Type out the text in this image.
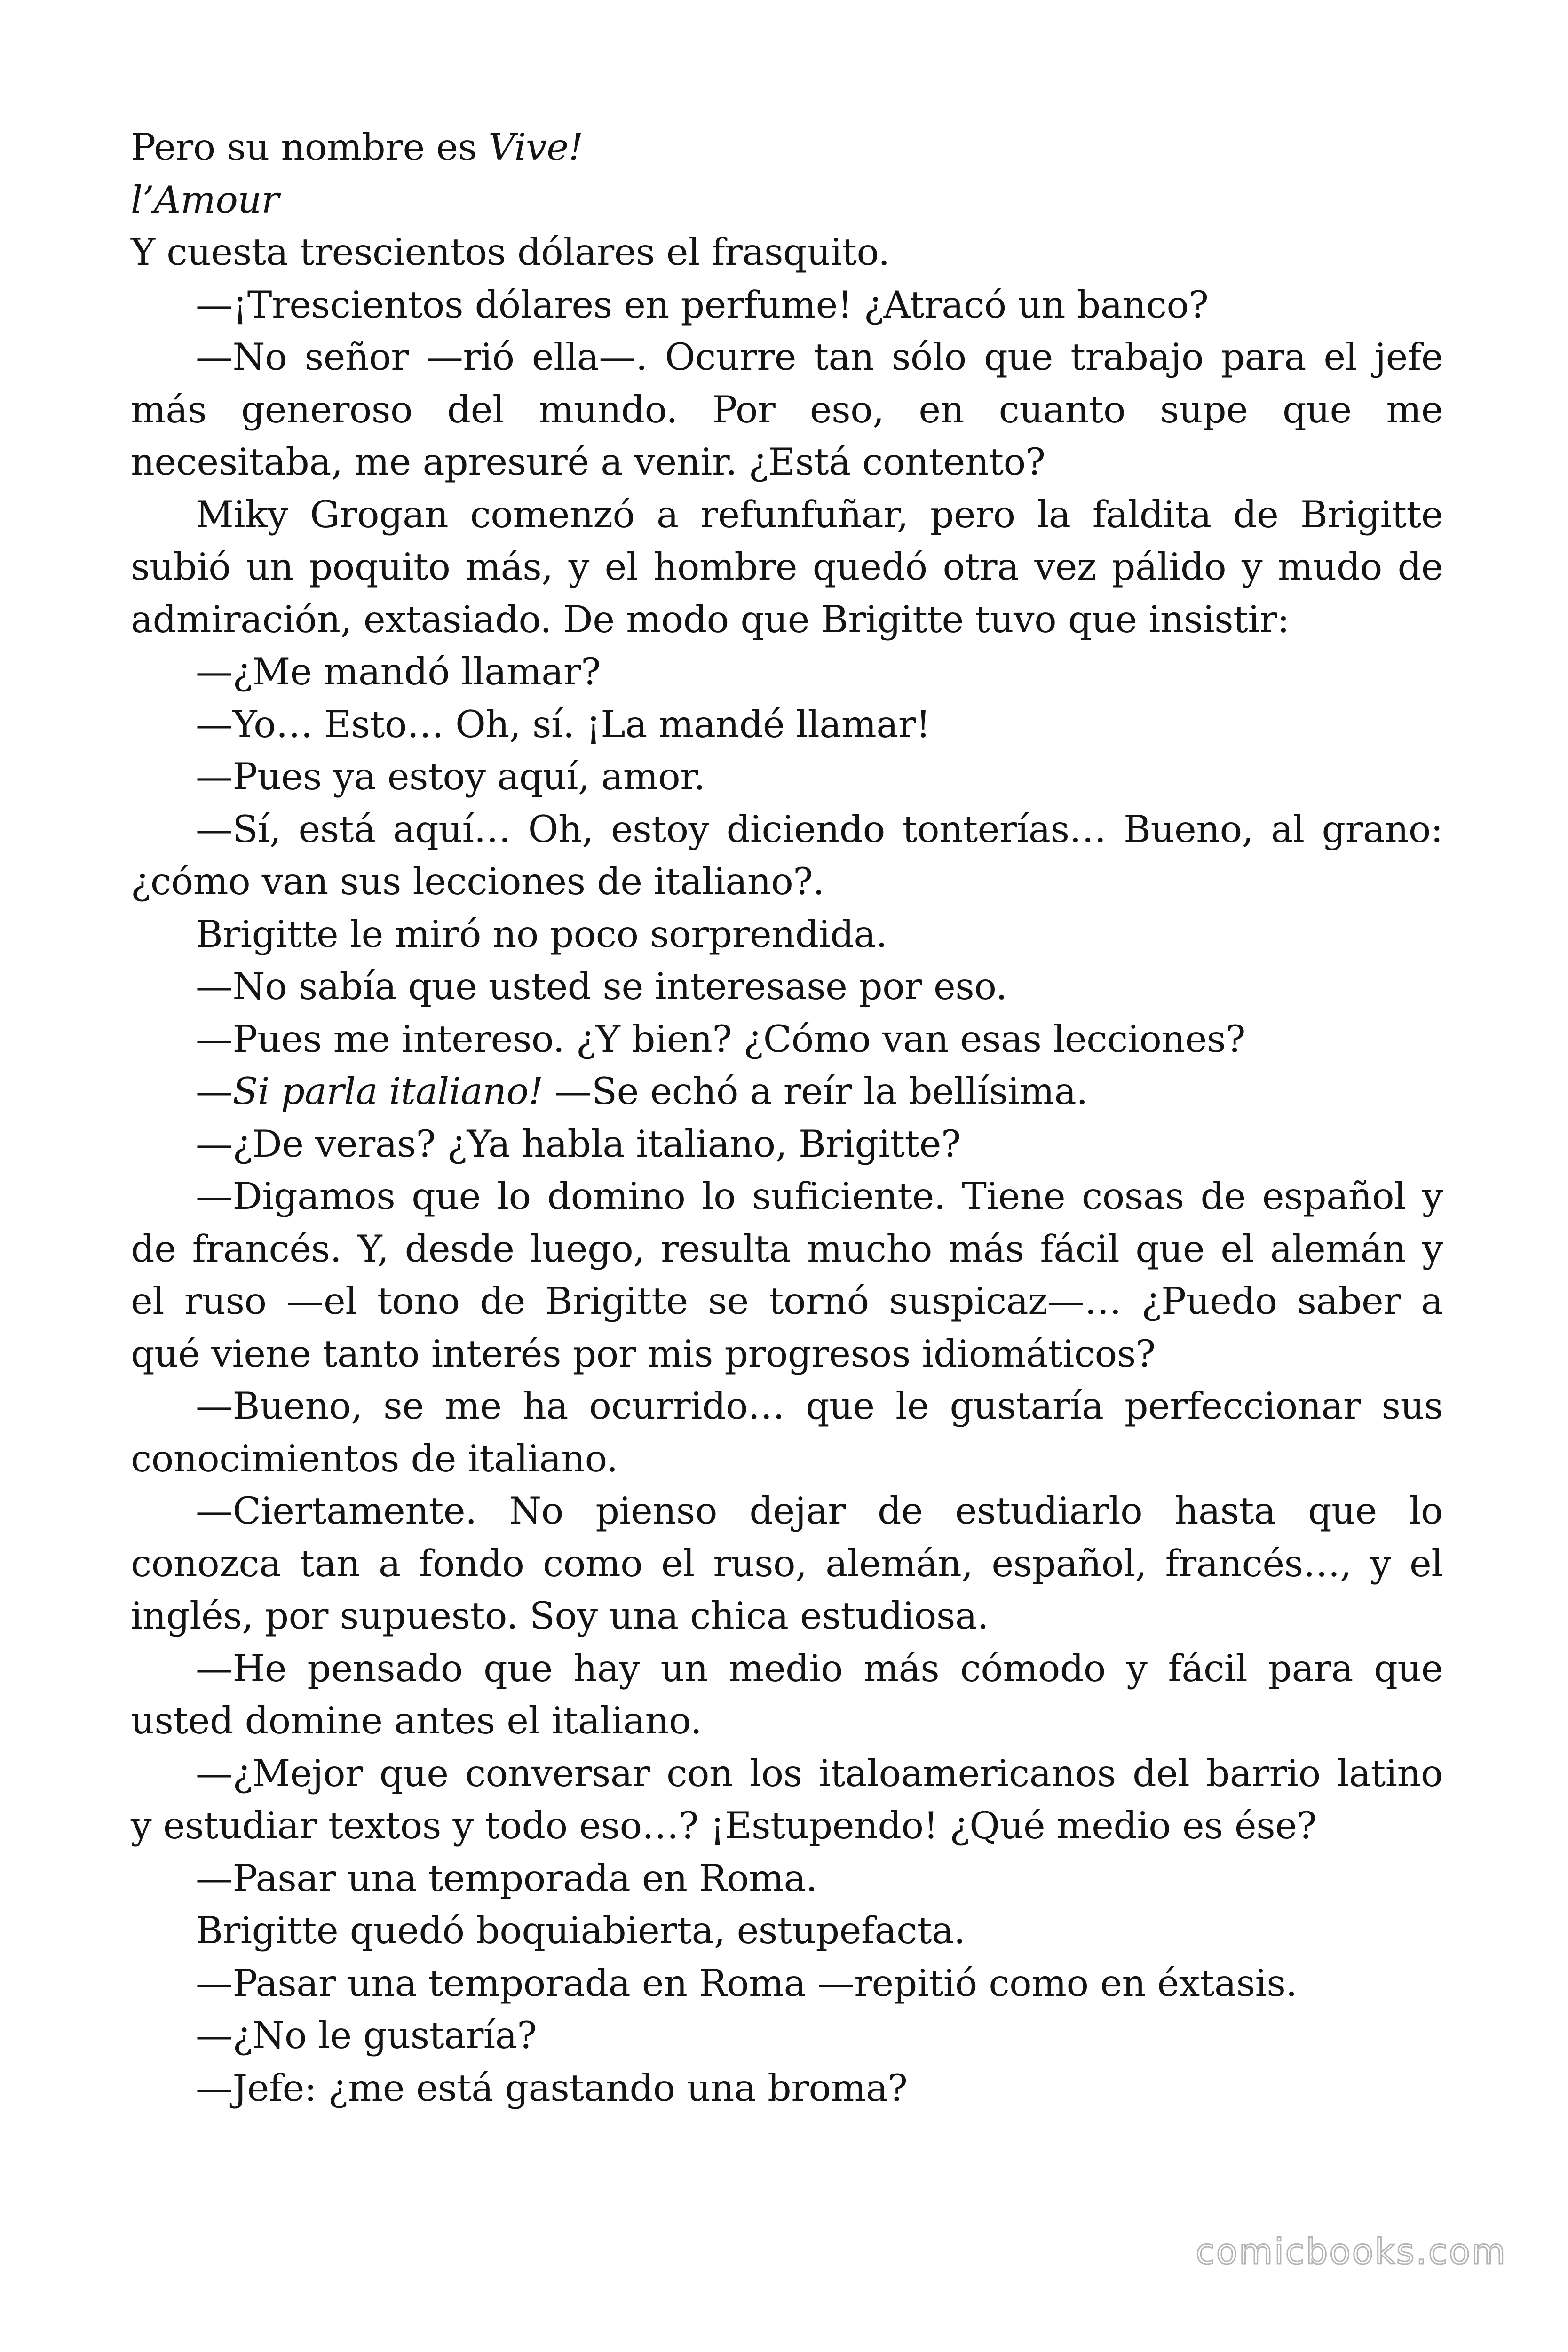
Pero su nombre es Vive!
l’Amour
Y cuesta trescientos dólares el frasquito.
—¡Trescientos dólares en perfume! ¿Atracó un banco?
—No señor —rió ella—. Ocurre tan sólo que trabajo para el jefe
más generoso del mundo. Por eso, en cuanto supe que me
necesitaba, me apresuré a venir. ¿Está contento?
Miky Grogan comenzó a refunfuñar, pero la faldita de Brigitte
subió un poquito más, y el hombre quedó otra vez pálido y mudo de
admiración, extasiado. De modo que Brigitte tuvo que insistir:
—¿Me mandó llamar?
—Yo… Esto… Oh, sí. ¡La mandé llamar!
—Pues ya estoy aquí, amor.
—Sí, está aquí… Oh, estoy diciendo tonterías… Bueno, al grano:
¿cómo van sus lecciones de italiano?.
Brigitte le miró no poco sorprendida.
—No sabía que usted se interesase por eso.
—Pues me intereso. ¿Y bien? ¿Cómo van esas lecciones?
—Si parla italiano! —Se echó a reír la bellísima.
—¿De veras? ¿Ya habla italiano, Brigitte?
—Digamos que lo domino lo suficiente. Tiene cosas de español y
de francés. Y, desde luego, resulta mucho más fácil que el alemán y
el ruso —el tono de Brigitte se tornó suspicaz—… ¿Puedo saber a
qué viene tanto interés por mis progresos idiomáticos?
—Bueno, se me ha ocurrido… que le gustaría perfeccionar sus
conocimientos de italiano.
—Ciertamente. No pienso dejar de estudiarlo hasta que lo
conozca tan a fondo como el ruso, alemán, español, francés…, y el
inglés, por supuesto. Soy una chica estudiosa.
—He pensado que hay un medio más cómodo y fácil para que
usted domine antes el italiano.
—¿Mejor que conversar con los italoamericanos del barrio latino
y estudiar textos y todo eso…? ¡Estupendo! ¿Qué medio es ése?
—Pasar una temporada en Roma.
Brigitte quedó boquiabierta, estupefacta.
—Pasar una temporada en Roma —repitió como en éxtasis.
—¿No le gustaría?
—Jefe: ¿me está gastando una broma?
comicbooks.com
